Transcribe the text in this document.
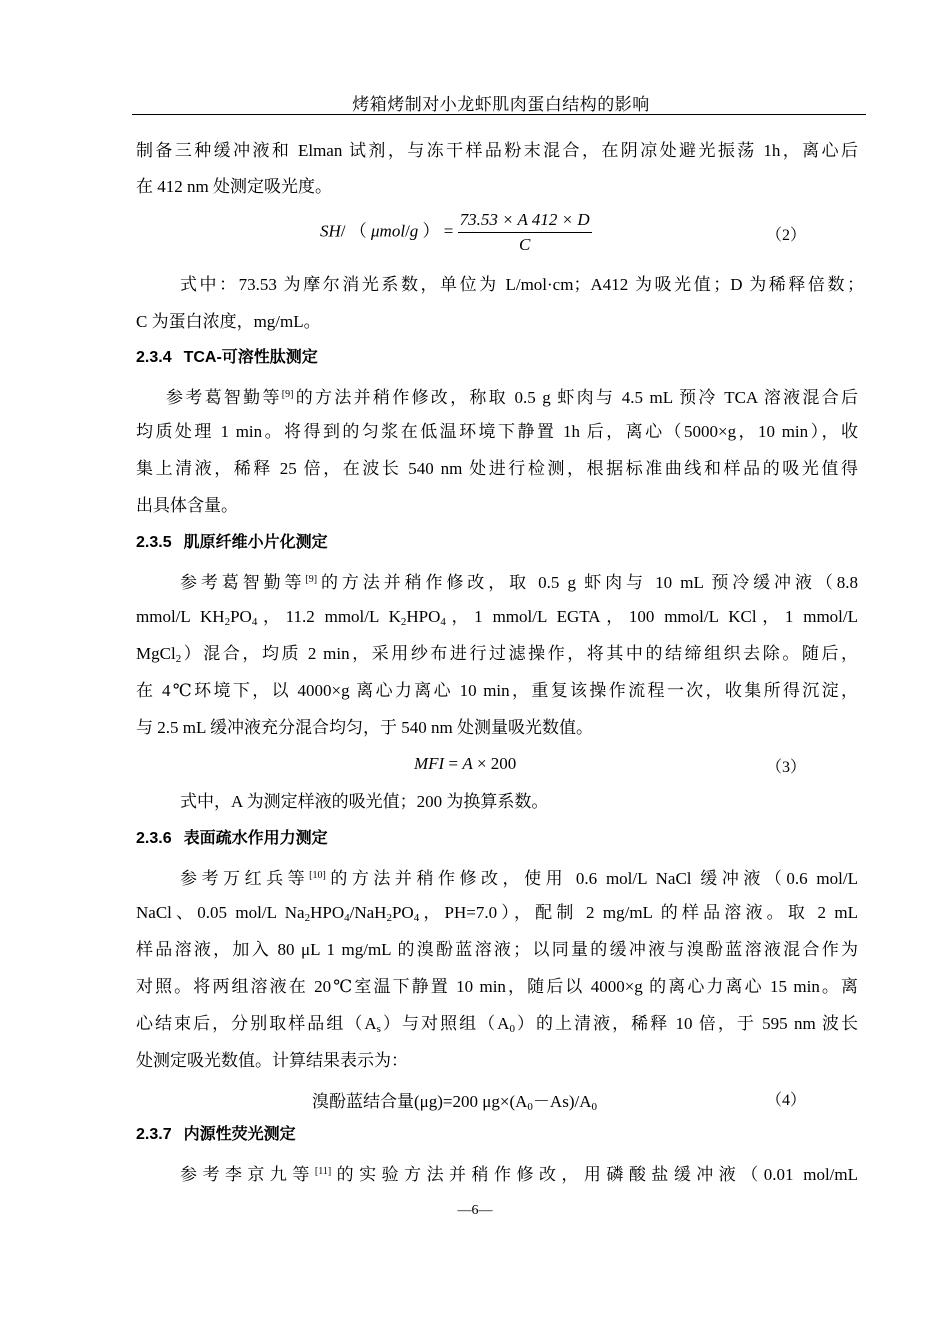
烤箱烤制对小龙虾肌肉蛋白结构的影响
制备三种缓冲液和 Elman 试剂，与冻干样品粉末混合，在阴凉处避光振荡 1h，离心后
在 412 nm 处测定吸光度。
SH/ （ μmol/g ） = $\frac{73.53 \times A 412 \times D}{C}$	（2）
式中：73.53 为摩尔消光系数，单位为 L/mol·cm；A412 为吸光值；D 为稀释倍数；
C 为蛋白浓度，mg/mL。
2.3.4 TCA-可溶性肽测定
参考葛智勤等[9]的方法并稍作修改，称取 0.5 g 虾肉与 4.5 mL 预冷 TCA 溶液混合后
均质处理 1 min。将得到的匀浆在低温环境下静置 1h 后，离心（5000×g，10 min），收
集上清液，稀释 25 倍，在波长 540 nm 处进行检测，根据标准曲线和样品的吸光值得
出具体含量。
2.3.5 肌原纤维小片化测定
参考葛智勤等[9]的方法并稍作修改，取 0.5 g 虾肉与 10 mL 预冷缓冲液（8.8
mmol/L $KH_2PO_4$，11.2 mmol/L $K_2HPO_4$，1 mmol/L EGTA，100 mmol/L KCl，1 mmol/L
MgCl$_2$）混合，均质 2 min，采用纱布进行过滤操作，将其中的结缔组织去除。随后，
在 4℃环境下，以 4000×g 离心力离心 10 min，重复该操作流程一次，收集所得沉淀，
与 2.5 mL 缓冲液充分混合均匀，于 540 nm 处测量吸光数值。
MFI = A × 200	（3）
式中，A 为测定样液的吸光值；200 为换算系数。
2.3.6 表面疏水作用力测定
参考万红兵等[10]的方法并稍作修改，使用 0.6 mol/L NaCl 缓冲液（0.6 mol/L
NaCl、0.05 mol/L $Na_2HPO_4/NaH_2PO_4$，PH=7.0），配制 2 mg/mL 的样品溶液。取 2 mL
样品溶液，加入 80 μL 1 mg/mL 的溴酚蓝溶液；以同量的缓冲液与溴酚蓝溶液混合作为
对照。将两组溶液在 20℃室温下静置 10 min，随后以 4000×g 的离心力离心 15 min。离
心结束后，分别取样品组$(A_s)$与对照组$(A_0)$的上清液，稀释 10 倍，于 595 nm 波长
处测定吸光数值。计算结果表示为：
溴酚蓝结合量(μg)=200 $\mu g\times(A_0-As)/A_0$	（4）
2.3.7 内源性荧光测定
参考李京九等[11]的实验方法并稍作修改，用磷酸盐缓冲液（0.01 mol/mL
—6—
